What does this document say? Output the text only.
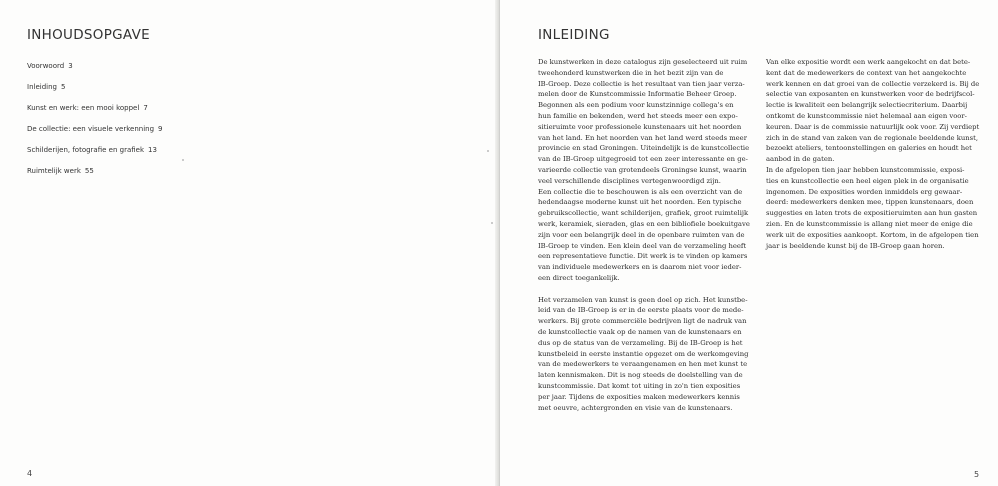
INHOUDSOPGAVE
Voorwoord 3
Inleiding 5
Kunst en werk: een mooi koppel 7
De collectie: een visuele verkenning 9
Schilderijen, fotografie en grafiek 13
Ruimtelijk werk 55
4
INLEIDING

De kunstwerken in deze catalogus zijn geselecteerd uit ruim
tweehonderd kunstwerken die in het bezit zijn van de
IB-Groep. Deze collectie is het resultaat van tien jaar verza-
melen door de Kunstcommissie Informatie Beheer Groep.
Begonnen als een podium voor kunstzinnige collega's en
hun familie en bekenden, werd het steeds meer een expo-
sitieruimte voor professionele kunstenaars uit het noorden
van het land. En het noorden van het land werd steeds meer
provincie en stad Groningen. Uiteindelijk is de kunstcollectie
van de IB-Groep uitgegroeid tot een zeer interessante en ge-
varieerde collectie van grotendeels Groningse kunst, waarin
veel verschillende disciplines vertegenwoordigd zijn.
Een collectie die te beschouwen is als een overzicht van de
hedendaagse moderne kunst uit het noorden. Een typische
gebruikscollectie, want schilderijen, grafiek, groot ruimtelijk
werk, keramiek, sieraden, glas en een bibliofiele boekuitgave
zijn voor een belangrijk deel in de openbare ruimten van de
IB-Groep te vinden. Een klein deel van de verzameling heeft
een representatieve functie. Dit werk is te vinden op kamers
van individuele medewerkers en is daarom niet voor ieder-
een direct toegankelijk.

Het verzamelen van kunst is geen doel op zich. Het kunstbe-
leid van de IB-Groep is er in de eerste plaats voor de mede-
werkers. Bij grote commerciële bedrijven ligt de nadruk van
de kunstcollectie vaak op de namen van de kunstenaars en
dus op de status van de verzameling. Bij de IB-Groep is het
kunstbeleid in eerste instantie opgezet om de werkomgeving
van de medewerkers te veraangenamen en hen met kunst te
laten kennismaken. Dit is nog steeds de doelstelling van de
kunstcommissie. Dat komt tot uiting in zo'n tien exposities
per jaar. Tijdens de exposities maken medewerkers kennis
met oeuvre, achtergronden en visie van de kunstenaars.

Van elke expositie wordt een werk aangekocht en dat bete-
kent dat de medewerkers de context van het aangekochte
werk kennen en dat groei van de collectie verzekerd is. Bij de
selectie van exposanten en kunstwerken voor de bedrijfscol-
lectie is kwaliteit een belangrijk selectiecriterium. Daarbij
ontkomt de kunstcommissie niet helemaal aan eigen voor-
keuren. Daar is de commissie natuurlijk ook voor. Zij verdiept
zich in de stand van zaken van de regionale beeldende kunst,
bezoekt ateliers, tentoonstellingen en galeries en houdt het
aanbod in de gaten.
In de afgelopen tien jaar hebben kunstcommissie, exposi-
ties en kunstcollectie een heel eigen plek in de organisatie
ingenomen. De exposities worden inmiddels erg gewaar-
deerd: medewerkers denken mee, tippen kunstenaars, doen
suggesties en laten trots de expositieruimten aan hun gasten
zien. En de kunstcommissie is allang niet meer de enige die
werk uit de exposities aankoopt. Kortom, in de afgelopen tien
jaar is beeldende kunst bij de IB-Groep gaan horen.

5
